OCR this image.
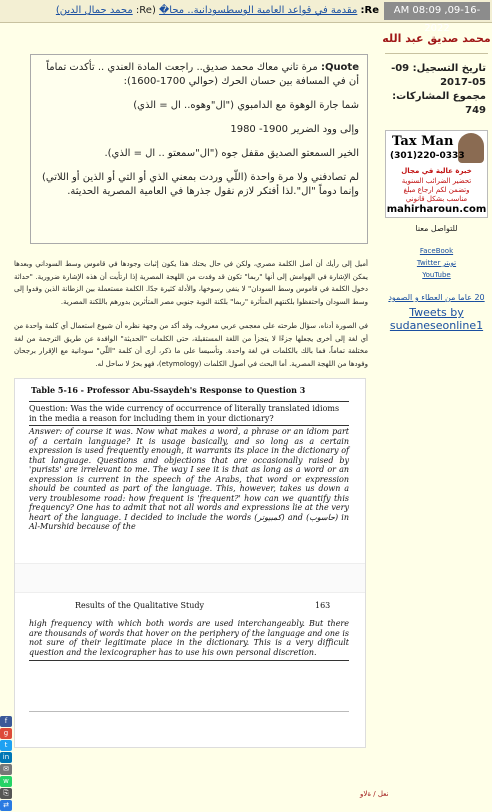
Re: مقدمة في قواعد العامية الوسطسودانية.. محا� (Re: محمد جمال الدين)	AM 08:09 ,09-16-2022
محمد صديق عبد الله
تاريخ التسجيل: 09-05-2017
مجموع المشاركات: 749
Tax Man
(301)220-0333
خبرة عالية في مجال
تحضير الضرائب السنوية
وتضمن لكم ارجاع مبلغ
مناسب بشكل قانوني
mahirharoun.com
للتواصل معنا
FaceBook
تويتر Twitter
YouTube
20 عاما من العطاء و الصمود
Tweets by sudaneseonline1

Quote: مرة تاني معاك محمد صديق.. راجعت المادة العندي .. تأكدت تماماً أن في المسافة بين حسان الحرك (حوالي 1700-1600):

شما جارة الوهوة مع الدامبوي ("ال"وهوه.. ال = الذي)

وإلى وود الضرير 1900- 1980

الخير السمعتو الصديق مقفل جوه ("ال"سمعتو .. ال = الذي).

لم تصادفني ولا مرة واحدة (اللّي وردت بمعني الذي أو التي أو الذين أو اللاتي) وإنما دوماً "ال".لذا أفتكر لازم نقول جذرها في العامية المصرية الحديثة.

أميل إلى رأيك أن أصل الكلمة مصري، ولكن في حال يحتك هذا يكون إثبات وجودها في قاموس وسط السوداني وبعدها يمكن الإشارة في الهوامش إلى أنها "ربما" تكون قد وفدت من اللهجة المصرية إذا ارتأيت أن هذه الإشارة ضرورية. "حداثة دخول الكلمة في قاموس وسط السودان" لا ينفي رسوخها، والأدلة كثيرة جدّا. الكلمة مستعملة بين الزطانة الذين وفدوا إلى وسط السودان واحتفظوا بلكنتهم المتأثرة "ربما" بلكنة النوبة جنوبي مصر المتأثرين بدورهم باللكنة المصرية.

في الصورة أدناه، سؤال طرحته على معجمي عربي معروف، وقد أكد من وجهة نظره أن شيوع استعمال أي كلمة واحدة من أي لغة إلى أخرى يجعلها جزءًا لا يتجزأ من اللغة المستقبلة، حتى الكلمات "الحديثة" الوافدة عن طريق الترجمة من لغة مختلفة تماماً، فما بالك بالكلمات في لغة واحدة. وتأسيسا على ما ذكر، أرى أن كلمة "اللّي" سودانية مع الإقرار برجحان وفودها من اللهجة المصرية. أما البحث في أصول الكلمات (etymology)، فهو بحرٌ لا ساحل له.

Table 5-16 - Professor Abu-Ssaydeh's Response to Question 3
Question: Was the wide currency of occurrence of literally translated idioms in the media a reason for including them in your dictionary?
Answer: of course it was. Now what makes a word, a phrase or an idiom part of a certain language? It is usage basically, and so long as a certain expression is used frequently enough, it warrants its place in the dictionary of that language. Questions and objections that are occasionally raised by 'purists' are irrelevant to me. The way I see it is that as long as a word or an expression is current in the speech of the Arabs, that word or expression should be counted as part of the language. This, however, takes us down a very troublesome road: how frequent is 'frequent?' how can we quantify this frequency? One has to admit that not all words and expressions lie at the very heart of the language. I decided to include the words (كمبيوتر) and (حاسوب) in Al-Murshid because of the
Results of the Qualitative Study	163
high frequency with which both words are used interchangeably. But there are thousands of words that hover on the periphery of the language and one is not sure of their legitimate place in the dictionary. This is a very difficult question and the lexicographer has to use his own personal discretion.
f
g
t
in
✉
w
⎘
⇄
نعل / ةلاو
